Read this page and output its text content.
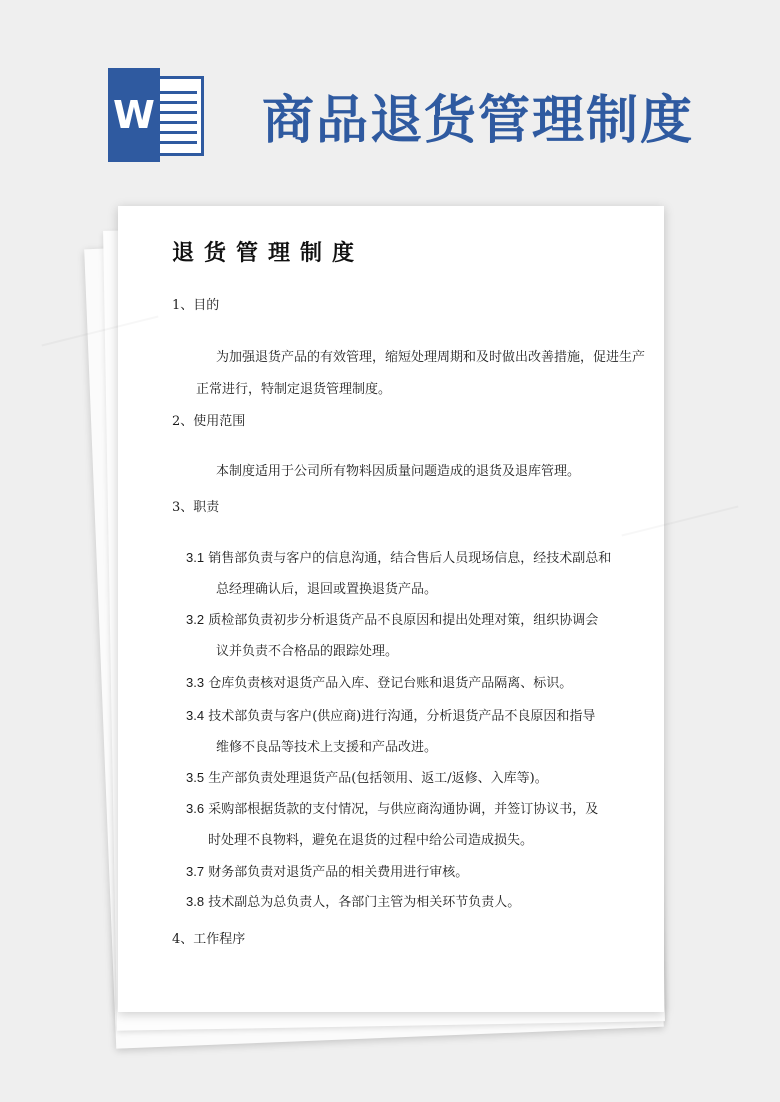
W 商品退货管理制度
退货管理制度
1、目的
为加强退货产品的有效管理，缩短处理周期和及时做出改善措施，促进生产
正常进行，特制定退货管理制度。
2、使用范围
本制度适用于公司所有物料因质量问题造成的退货及退库管理。
3、职责
3.1 销售部负责与客户的信息沟通，结合售后人员现场信息，经技术副总和
总经理确认后，退回或置换退货产品。
3.2 质检部负责初步分析退货产品不良原因和提出处理对策，组织协调会
议并负责不合格品的跟踪处理。
3.3 仓库负责核对退货产品入库、登记台账和退货产品隔离、标识。
3.4 技术部负责与客户(供应商)进行沟通，分析退货产品不良原因和指导
维修不良品等技术上支援和产品改进。
3.5 生产部负责处理退货产品(包括领用、返工/返修、入库等)。
3.6 采购部根据货款的支付情况，与供应商沟通协调，并签订协议书，及
时处理不良物料，避免在退货的过程中给公司造成损失。
3.7 财务部负责对退货产品的相关费用进行审核。
3.8 技术副总为总负责人，各部门主管为相关环节负责人。
4、工作程序
